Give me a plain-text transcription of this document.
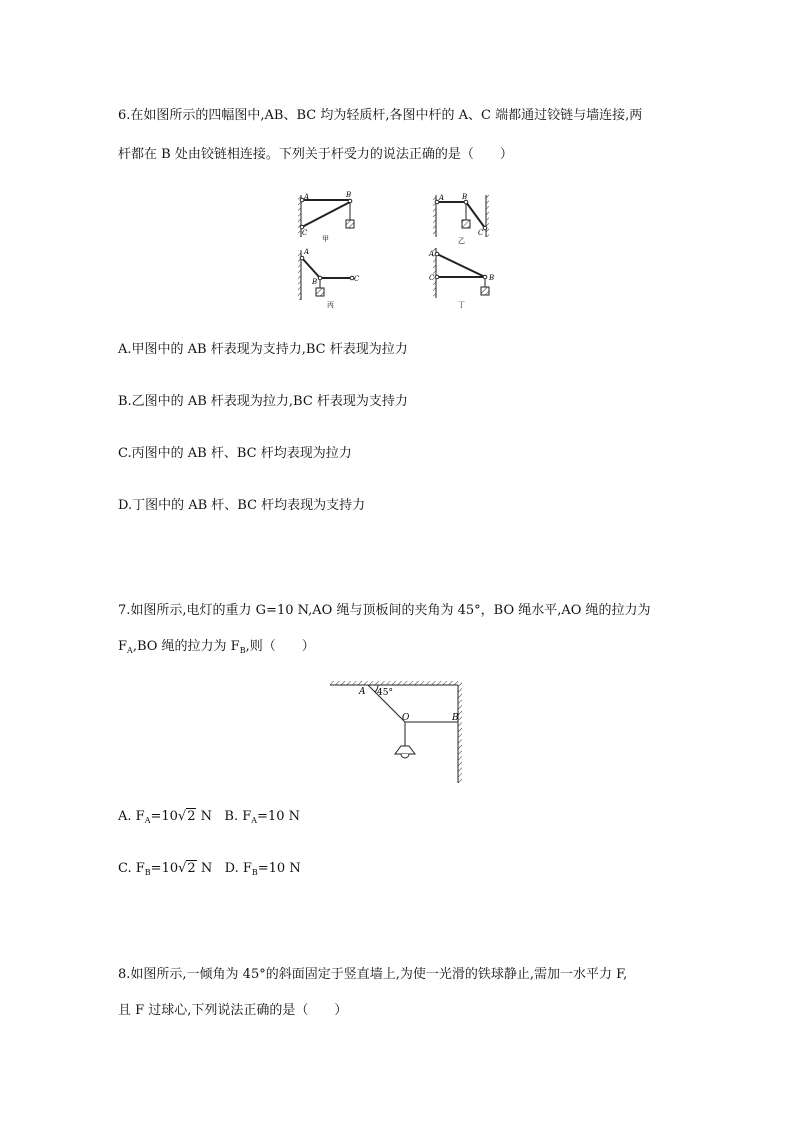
6.在如图所示的四幅图中,AB、BC 均为轻质杆,各图中杆的 A、C 端都通过铰链与墙连接,两
杆都在 B 处由铰链相连接。下列关于杆受力的说法正确的是（　　）
A	B
C
甲
A	B
C
乙
A
B	C
丙
A
C	B
丁
A.甲图中的 AB 杆表现为支持力,BC 杆表现为拉力
B.乙图中的 AB 杆表现为拉力,BC 杆表现为支持力
C.丙图中的 AB 杆、BC 杆均表现为拉力
D.丁图中的 AB 杆、BC 杆均表现为支持力
7.如图所示,电灯的重力 G=10 N,AO 绳与顶板间的夹角为 45°，BO 绳水平,AO 绳的拉力为
$F_A,BO$ 绳的拉力为 $F_B$,则（　　）
A 45°
O	B
A. $F_A=10√2$ N B. $F_A=10$ N
C. $F_B=10√2$ N D. $F_B=10$ N
8.如图所示,一倾角为 45°的斜面固定于竖直墙上,为使一光滑的铁球静止,需加一水平力 F,
且 F 过球心,下列说法正确的是（　　）
